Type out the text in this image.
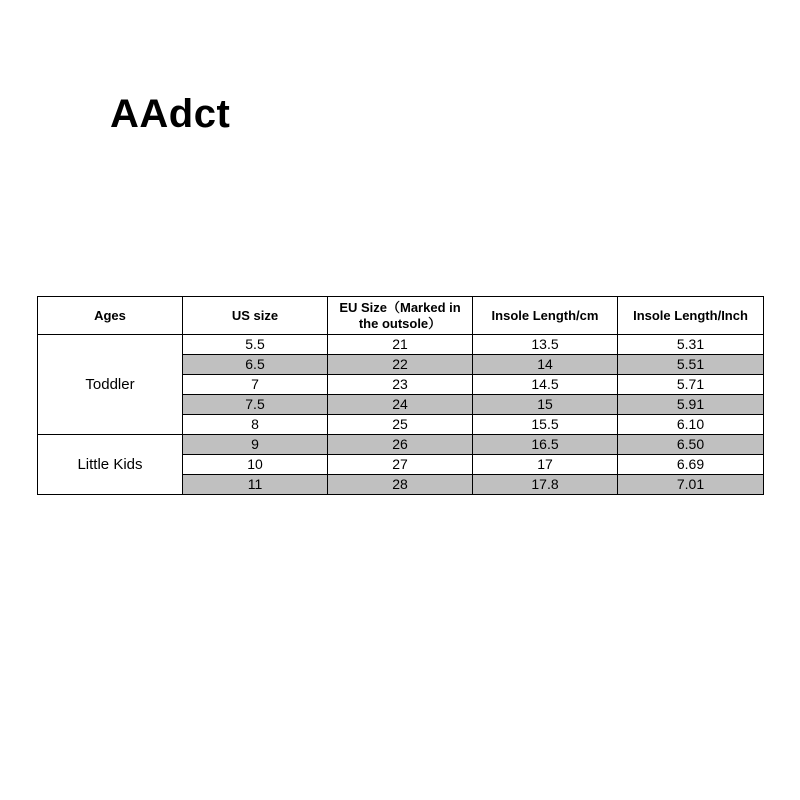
AAdct
Ages	US size	EU Size（Marked in the outsole）	Insole Length/cm	Insole Length/Inch
Toddler	5.5	21	13.5	5.31
	6.5	22	14	5.51
	7	23	14.5	5.71
	7.5	24	15	5.91
	8	25	15.5	6.10
Little Kids	9	26	16.5	6.50
	10	27	17	6.69
	11	28	17.8	7.01
